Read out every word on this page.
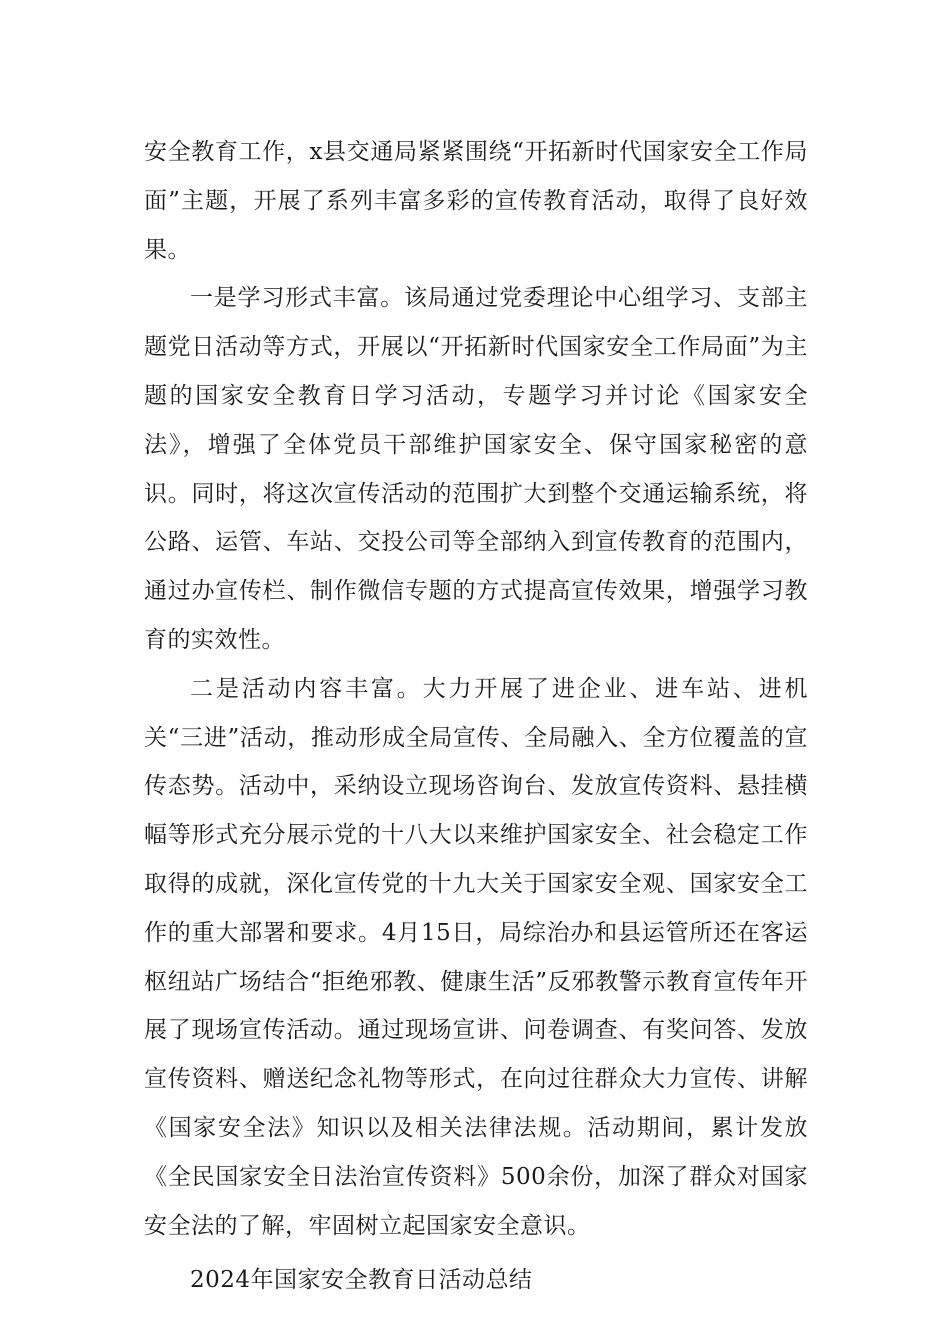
安全教育工作，x县交通局紧紧围绕“开拓新时代国家安全工作局面”主题，开展了系列丰富多彩的宣传教育活动，取得了良好效果。

一是学习形式丰富。该局通过党委理论中心组学习、支部主题党日活动等方式，开展以“开拓新时代国家安全工作局面”为主题的国家安全教育日学习活动，专题学习并讨论《国家安全法》，增强了全体党员干部维护国家安全、保守国家秘密的意识。同时，将这次宣传活动的范围扩大到整个交通运输系统，将公路、运管、车站、交投公司等全部纳入到宣传教育的范围内，通过办宣传栏、制作微信专题的方式提高宣传效果，增强学习教育的实效性。

二是活动内容丰富。大力开展了进企业、进车站、进机关“三进”活动，推动形成全局宣传、全局融入、全方位覆盖的宣传态势。活动中，采纳设立现场咨询台、发放宣传资料、悬挂横幅等形式充分展示党的十八大以来维护国家安全、社会稳定工作取得的成就，深化宣传党的十九大关于国家安全观、国家安全工作的重大部署和要求。4月15日，局综治办和县运管所还在客运枢纽站广场结合“拒绝邪教、健康生活”反邪教警示教育宣传年开展了现场宣传活动。通过现场宣讲、问卷调查、有奖问答、发放宣传资料、赠送纪念礼物等形式，在向过往群众大力宣传、讲解《国家安全法》知识以及相关法律法规。活动期间，累计发放《全民国家安全日法治宣传资料》500余份，加深了群众对国家安全法的了解，牢固树立起国家安全意识。

2024年国家安全教育日活动总结
